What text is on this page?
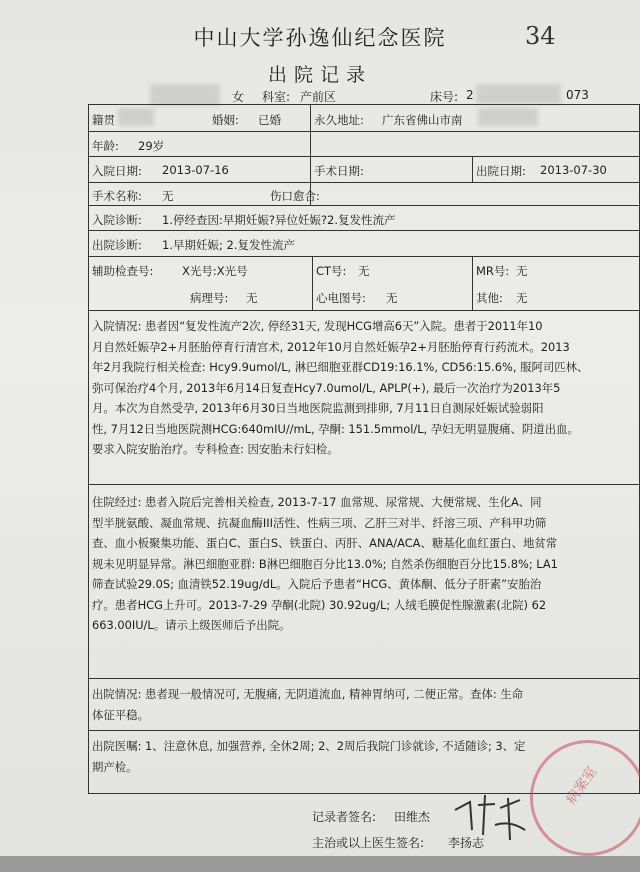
中山大学孙逸仙纪念医院
出院记录
34
女 科室: 产前区	床号: 2	073
籍贯	婚姻: 已婚	永久地址: 广东省佛山市南
年龄: 29岁
入院日期: 2013-07-16	手术日期:	出院日期: 2013-07-30
手术名称: 无	伤口愈合:
入院诊断: 1.停经查因:早期妊娠?异位妊娠?2.复发性流产
出院诊断: 1.早期妊娠; 2.复发性流产
辅助检查号: X光号:X光号	CT号: 无	MR号: 无
病理号: 无	心电图号: 无	其他: 无
入院情况: 患者因“复发性流产2次, 停经31天, 发现HCG增高6天”入院。患者于2011年10
月自然妊娠孕2+月胚胎停育行清宫术, 2012年10月自然妊娠孕2+月胚胎停育行药流术。2013
年2月我院行相关检查: Hcy9.9umol/L, 淋巴细胞亚群CD19:16.1%, CD56:15.6%, 服阿司匹林、
弥可保治疗4个月, 2013年6月14日复查Hcy7.0umol/L, APLP(+), 最后一次治疗为2013年5
月。本次为自然受孕, 2013年6月30日当地医院监测到排卵, 7月11日自测尿妊娠试验弱阳
性, 7月12日当地医院测HCG:640mIU//mL, 孕酮: 151.5mmol/L, 孕妇无明显腹痛、阴道出血。
要求入院安胎治疗。专科检查: 因安胎未行妇检。
住院经过: 患者入院后完善相关检查, 2013-7-17 血常规、尿常规、大便常规、生化A、同
型半胱氨酸、凝血常规、抗凝血酶III活性、性病三项、乙肝三对半、纤溶三项、产科甲功筛
查、血小板聚集功能、蛋白C、蛋白S、铁蛋白、丙肝、ANA/ACA、糖基化血红蛋白、地贫常
规未见明显异常。淋巴细胞亚群: B淋巴细胞百分比13.0%; 自然杀伤细胞百分比15.8%; LA1
筛查试验29.0S; 血清铁52.19ug/dL。入院后予患者“HCG、黄体酮、低分子肝素”安胎治
疗。患者HCG上升可。2013-7-29 孕酮(北院) 30.92ug/L; 人绒毛膜促性腺激素(北院) 62
663.00IU/L。请示上级医师后予出院。
出院情况: 患者现一般情况可, 无腹痛, 无阴道流血, 精神胃纳可, 二便正常。查体: 生命
体征平稳。
出院医嘱: 1、注意休息, 加强营养, 全休2周; 2、2周后我院门诊就诊, 不适随诊; 3、定
期产检。
记录者签名: 田维杰
主治或以上医生签名: 李扬志
病案室
